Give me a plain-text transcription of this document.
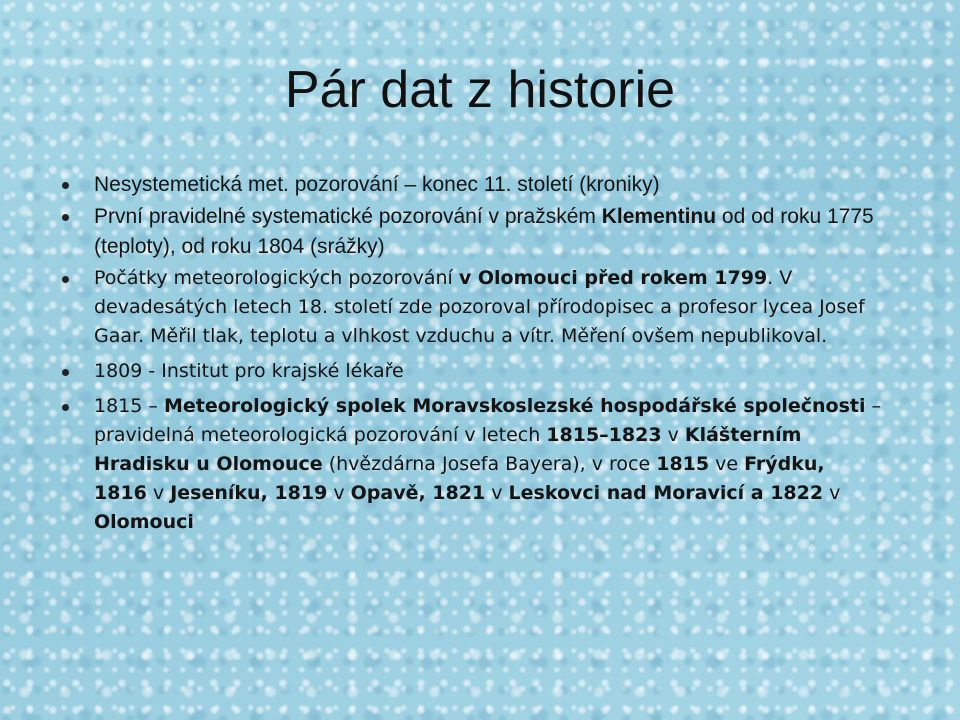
Pár dat z historie
Nesystemetická met. pozorování – konec 11. století (kroniky)
První pravidelné systematické pozorování v pražském Klementinu od od roku 1775 (teploty), od roku 1804 (srážky)
Počátky meteorologických pozorování v Olomouci před rokem 1799. V devadesátých letech 18. století zde pozoroval přírodopisec a profesor lycea Josef Gaar. Měřil tlak, teplotu a vlhkost vzduchu a vítr. Měření ovšem nepublikoval.
1809 - Institut pro krajské lékaře
1815 – Meteorologický spolek Moravskoslezské hospodářské společnosti – pravidelná meteorologická pozorování v letech 1815–1823 v Klášterním Hradisku u Olomouce (hvězdárna Josefa Bayera), v roce 1815 ve Frýdku, 1816 v Jeseníku, 1819 v Opavě, 1821 v Leskovci nad Moravicí a 1822 v Olomouci
